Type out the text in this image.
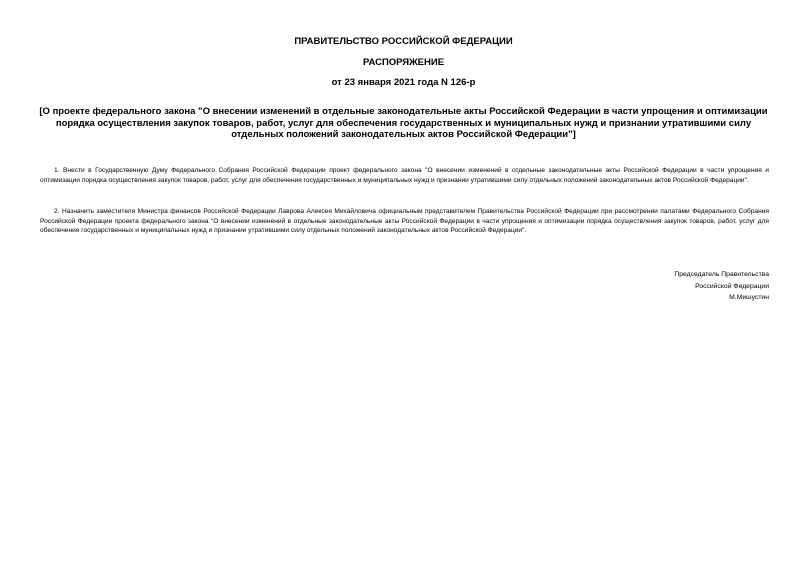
ПРАВИТЕЛЬСТВО РОССИЙСКОЙ ФЕДЕРАЦИИ
РАСПОРЯЖЕНИЕ
от 23 января 2021 года N 126-р
[О проекте федерального закона "О внесении изменений в отдельные законодательные акты Российской Федерации в части упрощения и оптимизации порядка осуществления закупок товаров, работ, услуг для обеспечения государственных и муниципальных нужд и признании утратившими силу отдельных положений законодательных актов Российской Федерации"]
1. Внести в Государственную Думу Федерального Собрания Российской Федерации проект федерального закона "О внесении изменений в отдельные законодательные акты Российской Федерации в части упрощения и оптимизации порядка осуществления закупок товаров, работ, услуг для обеспечения государственных и муниципальных нужд и признании утратившими силу отдельных положений законодательных актов Российской Федерации".
2. Назначить заместителя Министра финансов Российской Федерации Лаврова Алексея Михайловича официальным представителем Правительства Российской Федерации при рассмотрении палатами Федерального Собрания Российской Федерации проекта федерального закона "О внесении изменений в отдельные законодательные акты Российской Федерации в части упрощения и оптимизации порядка осуществления закупок товаров, работ, услуг для обеспечения государственных и муниципальных нужд и признании утратившими силу отдельных положений законодательных актов Российской Федерации".
Председатель Правительства
Российской Федерации
М.Мишустин
